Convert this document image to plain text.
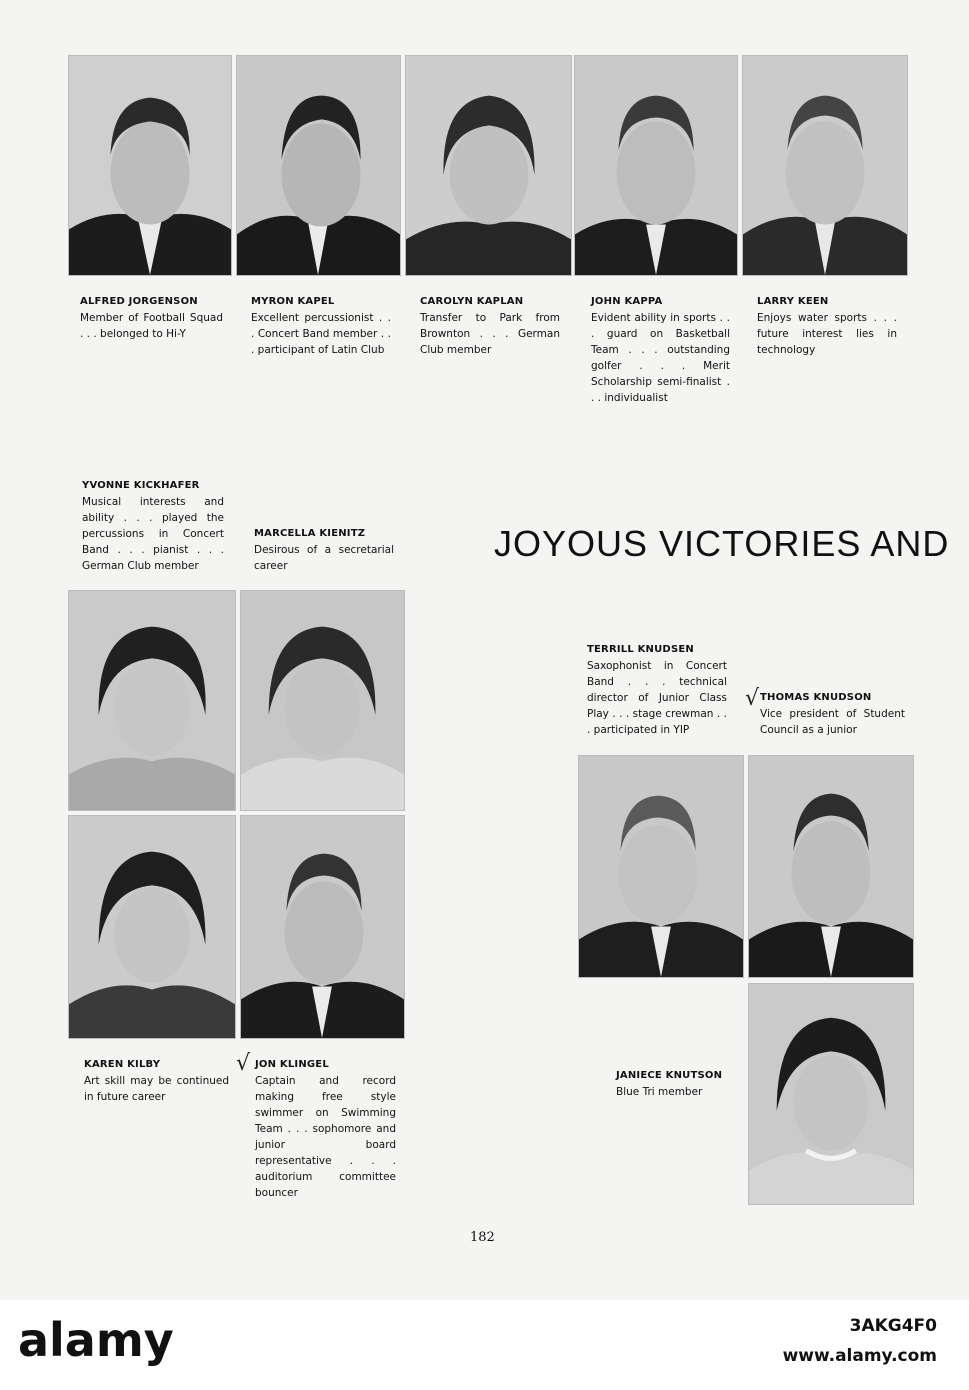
ALFRED JORGENSON
Member of Football Squad . . . belonged to Hi-Y
MYRON KAPEL
Excellent percussionist . . . Concert Band member . . . participant of Latin Club
CAROLYN KAPLAN
Transfer to Park from Brownton . . . German Club member
JOHN KAPPA
Evident ability in sports . . . guard on Basketball Team . . . outstanding golfer . . . Merit Scholarship semi-finalist . . . individualist
LARRY KEEN
Enjoys water sports . . . future interest lies in technology
YVONNE KICKHAFER
Musical interests and ability . . . played the percussions in Concert Band . . . pianist . . . German Club member
MARCELLA KIENITZ
Desirous of a secretarial career
JOYOUS VICTORIES AND
TERRILL KNUDSEN
Saxophonist in Concert Band . . . technical director of Junior Class Play . . . stage crewman . . . participated in YIP
√ THOMAS KNUDSON
Vice president of Student Council as a junior
KAREN KILBY
Art skill may be continued in future career
√ JON KLINGEL
Captain and record making free style swimmer on Swimming Team . . . sophomore and junior board representative . . . auditorium committee bouncer
JANIECE KNUTSON
Blue Tri member
182
alamy	3AKG4F0
www.alamy.com
